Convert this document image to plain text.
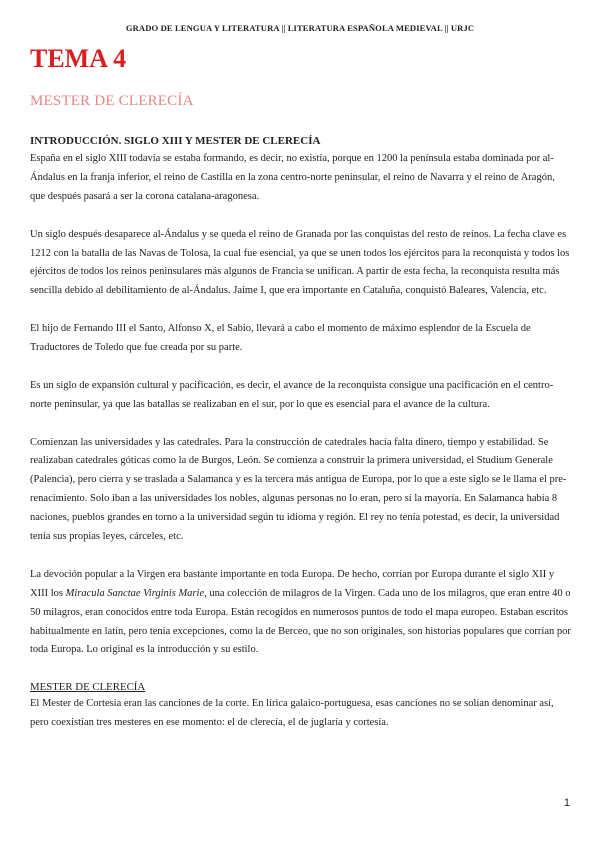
GRADO DE LENGUA Y LITERATURA || LITERATURA ESPAÑOLA MEDIEVAL || URJC
TEMA 4
MESTER DE CLERECÍA
INTRODUCCIÓN. SIGLO XIII Y MESTER DE CLERECÍA

España en el siglo XIII todavía se estaba formando, es decir, no existía, porque en 1200 la península estaba dominada por al-Ándalus en la franja inferior, el reino de Castilla en la zona centro-norte peninsular, el reino de Navarra y el reino de Aragón, que después pasará a ser la corona catalana-aragonesa.

Un siglo después desaparece al-Ándalus y se queda el reino de Granada por las conquistas del resto de reinos. La fecha clave es 1212 con la batalla de las Navas de Tolosa, la cual fue esencial, ya que se unen todos los ejércitos para la reconquista y todos los ejércitos de todos los reinos peninsulares más algunos de Francia se unifican. A partir de esta fecha, la reconquista resulta más sencilla debido al debilitamiento de al-Ándalus. Jaime I, que era importante en Cataluña, conquistó Baleares, Valencia, etc.

El hijo de Fernando III el Santo, Alfonso X, el Sabio, llevará a cabo el momento de máximo esplendor de la Escuela de Traductores de Toledo que fue creada por su parte.

Es un siglo de expansión cultural y pacificación, es decir, el avance de la reconquista consigue una pacificación en el centro-norte peninsular, ya que las batallas se realizaban en el sur, por lo que es esencial para el avance de la cultura.

Comienzan las universidades y las catedrales. Para la construcción de catedrales hacía falta dinero, tiempo y estabilidad. Se realizaban catedrales góticas como la de Burgos, León. Se comienza a construir la primera universidad, el Studium Generale (Palencia), pero cierra y se traslada a Salamanca y es la tercera más antigua de Europa, por lo que a este siglo se le llama el pre-renacimiento. Solo iban a las universidades los nobles, algunas personas no lo eran, pero sí la mayoría. En Salamanca había 8 naciones, pueblos grandes en torno a la universidad según tu idioma y región. El rey no tenía potestad, es decir, la universidad tenía sus propias leyes, cárceles, etc.

La devoción popular a la Virgen era bastante importante en toda Europa. De hecho, corrían por Europa durante el siglo XII y XIII los Miracula Sanctae Virginis Marie, una colección de milagros de la Virgen. Cada uno de los milagros, que eran entre 40 o 50 milagros, eran conocidos entre toda Europa. Están recogidos en numerosos puntos de todo el mapa europeo. Estaban escritos habitualmente en latín, pero tenía excepciones, como la de Berceo, que no son originales, son historias populares que corrían por toda Europa. Lo original es la introducción y su estilo.

MESTER DE CLERECÍA

El Mester de Cortesía eran las canciones de la corte. En lírica galaico-portuguesa, esas canciones no se solían denominar así, pero coexistían tres mesteres en ese momento: el de clerecía, el de juglaría y cortesía.

1
